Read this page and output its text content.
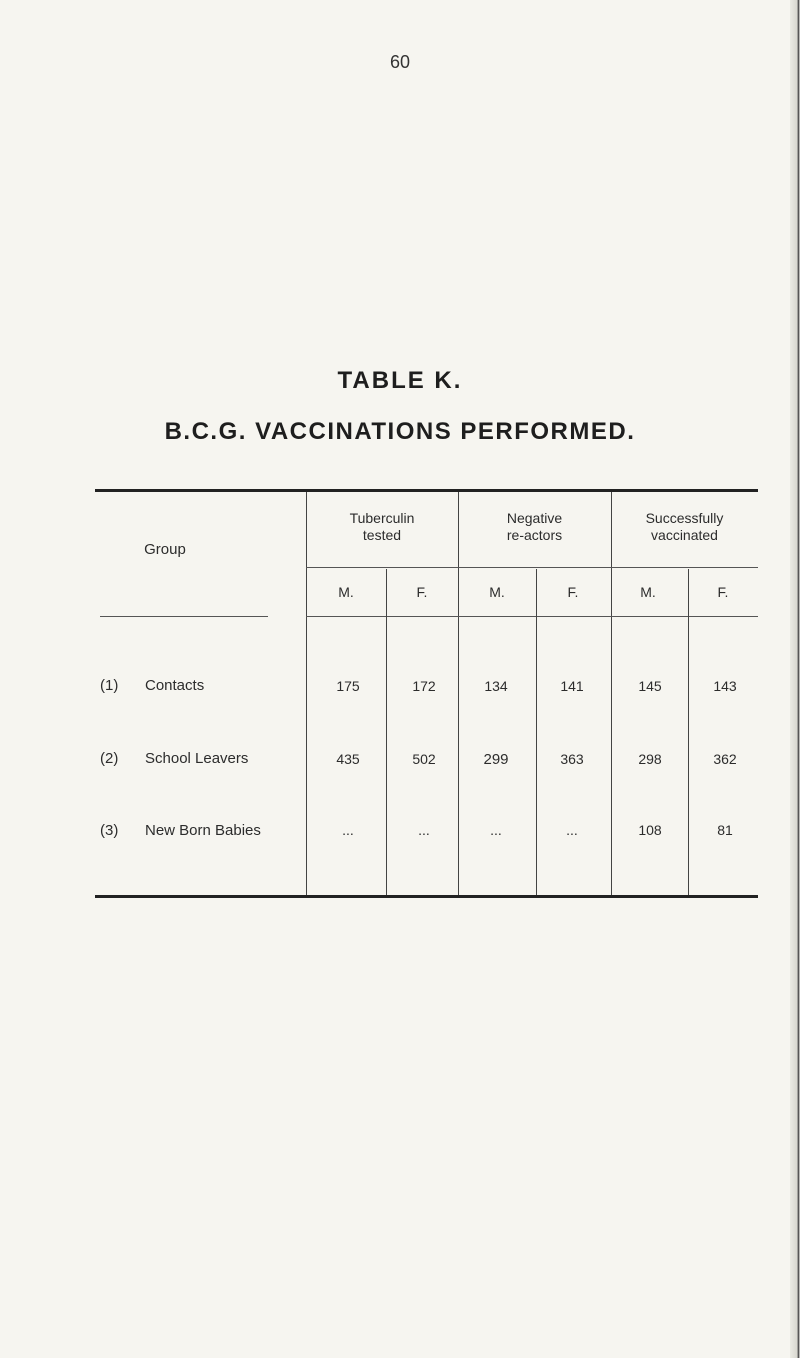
60
TABLE K.
B.C.G. VACCINATIONS PERFORMED.
Group
Tuberculin
tested
Negative
re-actors
Successfully
vaccinated
M.	F.	M.	F.	M.	F.
(1) Contacts	175	172	134	141	145	143
(2) School Leavers	435	502	299	363	298	362
(3) New Born Babies	...	...	...	...	108	81
